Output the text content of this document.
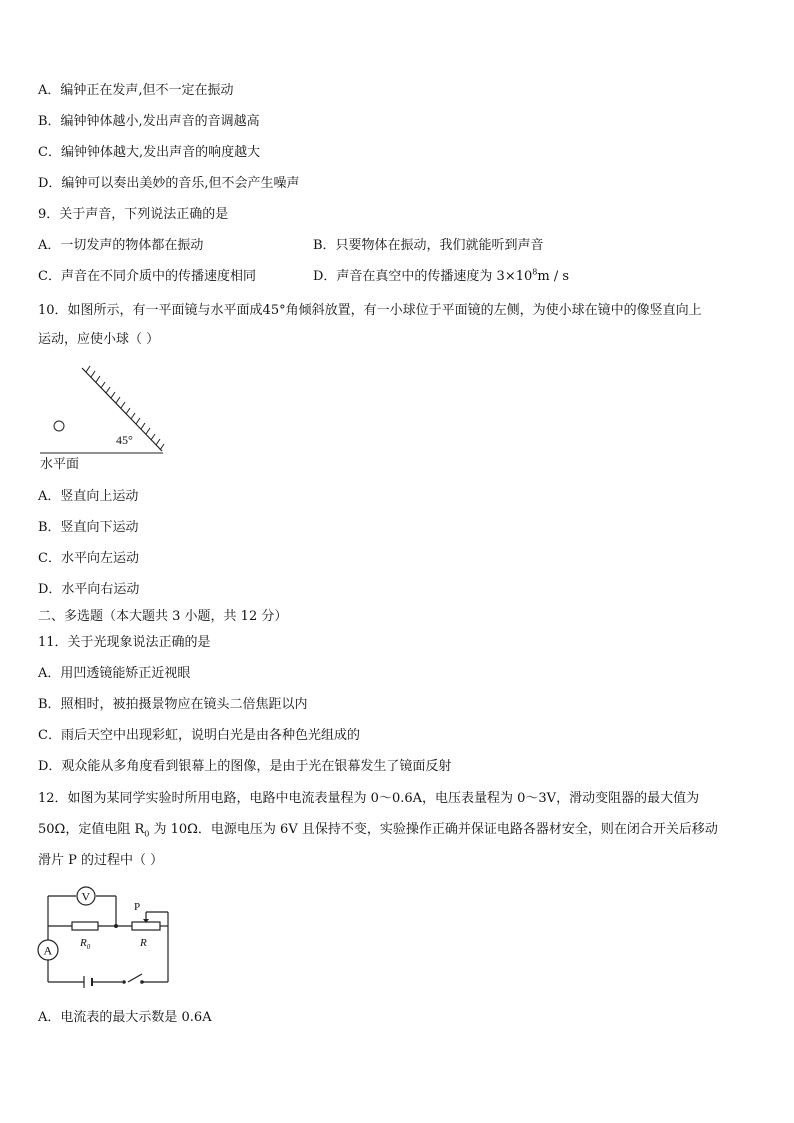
A．编钟正在发声,但不一定在振动
B．编钟钟体越小,发出声音的音调越高
C．编钟钟体越大,发出声音的响度越大
D．编钟可以奏出美妙的音乐,但不会产生噪声
9．关于声音，下列说法正确的是
A．一切发声的物体都在振动	B．只要物体在振动，我们就能听到声音
C．声音在不同介质中的传播速度相同	D．声音在真空中的传播速度为 $3\times 10^8m / s$
10．如图所示，有一平面镜与水平面成45°角倾斜放置，有一小球位于平面镜的左侧，为使小球在镜中的像竖直向上
运动，应使小球（ ）
45°
水平面
A．竖直向上运动
B．竖直向下运动
C．水平向左运动
D．水平向右运动
二、多选题（本大题共 3 小题，共 12 分）
11．关于光现象说法正确的是
A．用凹透镜能矫正近视眼
B．照相时，被拍摄景物应在镜头二倍焦距以内
C．雨后天空中出现彩虹，说明白光是由各种色光组成的
D．观众能从多角度看到银幕上的图像，是由于光在银幕发生了镜面反射
12．如图为某同学实验时所用电路，电路中电流表量程为 0～0.6A，电压表量程为 0～3V，滑动变阻器的最大值为
50Ω，定值电阻 $R_0$ 为 10Ω．电源电压为 6V 且保持不变，实验操作正确并保证电路各器材安全，则在闭合开关后移动
滑片 P 的过程中（ ）
V
$R_0$
P
R
A
A．电流表的最大示数是 0.6A
